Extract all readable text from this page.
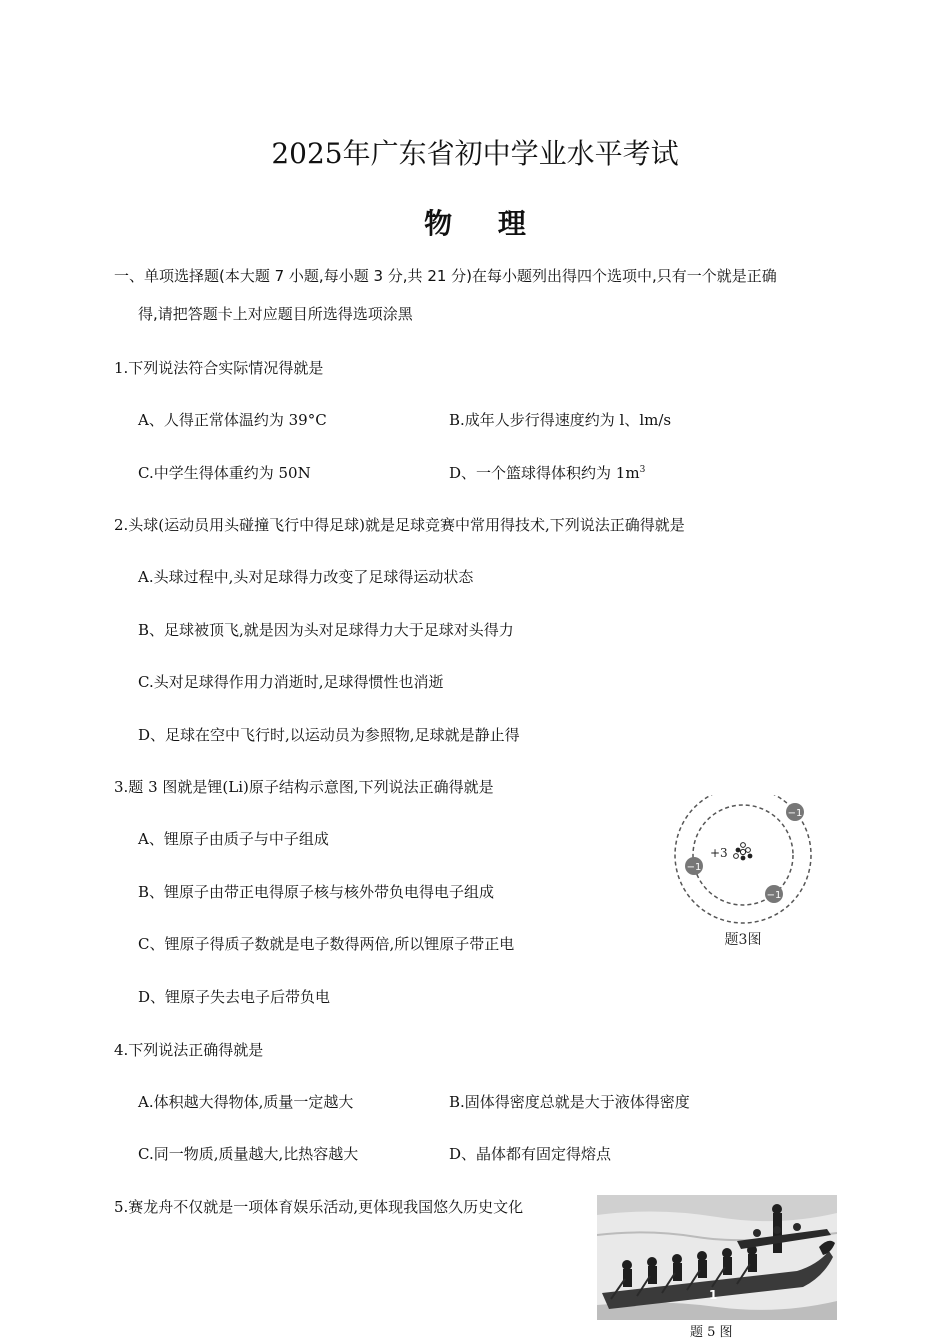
2025年广东省初中学业水平考试
物 理
一、单项选择题(本大题 7 小题,每小题 3 分,共 21 分)在每小题列出得四个选项中,只有一个就是正确
得,请把答题卡上对应题目所选得选项涂黑
1.下列说法符合实际情况得就是
A、人得正常体温约为 39°C	B.成年人步行得速度约为 l、lm/s
C.中学生得体重约为 50N	D、一个篮球得体积约为 $1m^3$
2.头球(运动员用头碰撞飞行中得足球)就是足球竞赛中常用得技术,下列说法正确得就是
A.头球过程中,头对足球得力改变了足球得运动状态
B、足球被顶飞,就是因为头对足球得力大于足球对头得力
C.头对足球得作用力消逝时,足球得惯性也消逝
D、足球在空中飞行时,以运动员为参照物,足球就是静止得
3.题 3 图就是锂(Li)原子结构示意图,下列说法正确得就是
A、锂原子由质子与中子组成
B、锂原子由带正电得原子核与核外带负电得电子组成
C、锂原子得质子数就是电子数得两倍,所以锂原子带正电
D、锂原子失去电子后带负电
+3
−1
−1
−1
题3图
4.下列说法正确得就是
A.体积越大得物体,质量一定越大	B.固体得密度总就是大于液体得密度
C.同一物质,质量越大,比热容越大	D、晶体都有固定得熔点
5.赛龙舟不仅就是一项体育娱乐活动,更体现我国悠久历史文化
1
题 5 图
